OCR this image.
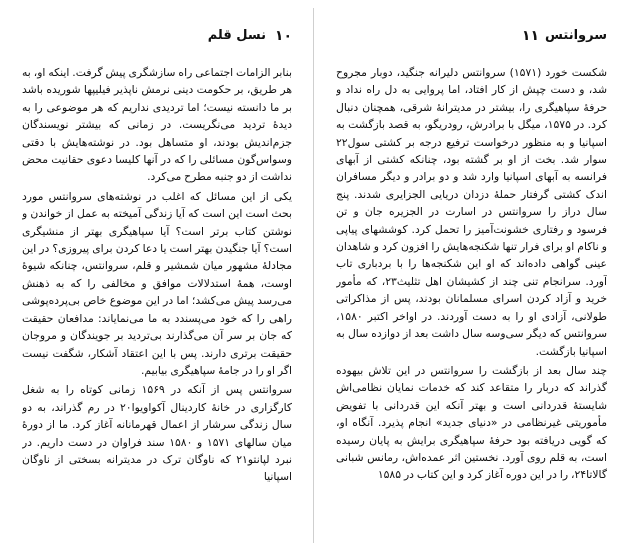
۱۰
نسل قلم

بنابر الزامات اجتماعی راه سازشگری پیش گرفت. اینکه او، به هر طریق، بر حکومت دینی نرمش ناپذیر فیلیپها شوریده باشد بر ما دانسته نیست؛ اما تردیدی نداریم که هر موضوعی را به دیدهٔ تردید می‌نگریست. در زمانی که بیشتر نویسندگان جزم‌اندیش بودند، او متساهل بود. در نوشته‌هایش با دقتی وسواس‌گون مسائلی را که در آنها کلیسا دعوی حقانیت محض نداشت از دو جنبه مطرح می‌کرد.

یکی از این مسائل که اغلب در نوشته‌های سروانتس مورد بحث است این است که آیا زندگی آمیخته به عمل از خواندن و نوشتن کتاب برتر است؟ آیا سپاهیگری بهتر از منشیگری است؟ آیا جنگیدن بهتر است یا دعا کردن برای پیروزی؟ در این مجادلهٔ مشهور میان شمشیر و قلم، سروانتس، چنانکه شیوهٔ اوست، همهٔ استدلالات موافق و مخالفی را که به ذهنش می‌رسد پیش می‌کشد؛ اما در این موضوع خاص بی‌پرده‌پوشی راهی را که خود می‌پسندد به ما می‌نمایاند: مدافعان حقیقت که جان بر سر آن می‌گذارند بی‌تردید بر جویندگان و مروجان حقیقت برتری دارند. پس با این اعتقاد آشکار، شگفت نیست اگر او را در جامهٔ سپاهیگری بیابیم.

سروانتس پس از آنکه در ۱۵۶۹ زمانی کوتاه را به شغل کارگزاری در خانهٔ کاردینال آکواویوا۲۰ در رم گذراند، به دو سال زندگی سرشار از اعمال قهرمانانه آغاز کرد. ما از دورهٔ میان سالهای ۱۵۷۱ و ۱۵۸۰ سند فراوان در دست داریم. در نبرد لپانتو۲۱ که ناوگان ترک در مدیترانه بسختی از ناوگان اسپانیا

سروانتس
۱۱

شکست خورد (۱۵۷۱) سروانتس دلیرانه جنگید، دوبار مجروح شد، و دست چپش از کار افتاد، اما پروایی به دل راه نداد و حرفهٔ سپاهیگری را، بیشتر در مدیترانهٔ شرقی، همچنان دنبال کرد. در ۱۵۷۵، میگل با برادرش، رودریگو، به قصد بازگشت به اسپانیا و به منظور درخواست ترفیع درجه بر کشتی سول۲۲ سوار شد. بخت از او بر گشته بود، چنانکه کشتی از آبهای فرانسه به آبهای اسپانیا وارد شد و دو برادر و دیگر مسافران اندک کشتی گرفتار حملهٔ دزدان دریایی الجزایری شدند. پنج سال دراز را سروانتس در اسارت در الجزیره جان و تن فرسود و رفتاری خشونت‌آمیز را تحمل کرد. کوششهای پیاپی و ناکام او برای فرار تنها شکنجه‌هایش را افزون کرد و شاهدان عینی گواهی داده‌اند که او این شکنجه‌ها را با بردباری تاب آورد. سرانجام تنی چند از کشیشان اهل تثلیث۲۳، که مأمور خرید و آزاد کردن اسرای مسلمانان بودند، پس از مذاکراتی طولانی، آزادی او را به دست آوردند. در اواخر اکتبر ۱۵۸۰، سروانتس که دیگر سی‌وسه سال داشت بعد از دوازده سال به اسپانیا بازگشت.

چند سال بعد از بازگشت را سروانتس در این تلاش بیهوده گذراند که دربار را متقاعد کند که خدمات نمایان نظامی‌اش شایستهٔ قدردانی است و بهتر آنکه این قدردانی با تفویض مأموریتی غیرنظامی در «دنیای جدید» انجام پذیرد. آنگاه او، که گویی دریافته بود حرفهٔ سپاهیگری برایش به پایان رسیده است، به قلم روی آورد. نخستین اثر عمده‌اش، رمانس شبانی گالاتا۲۴، را در این دوره آغاز کرد و این کتاب در ۱۵۸۵
